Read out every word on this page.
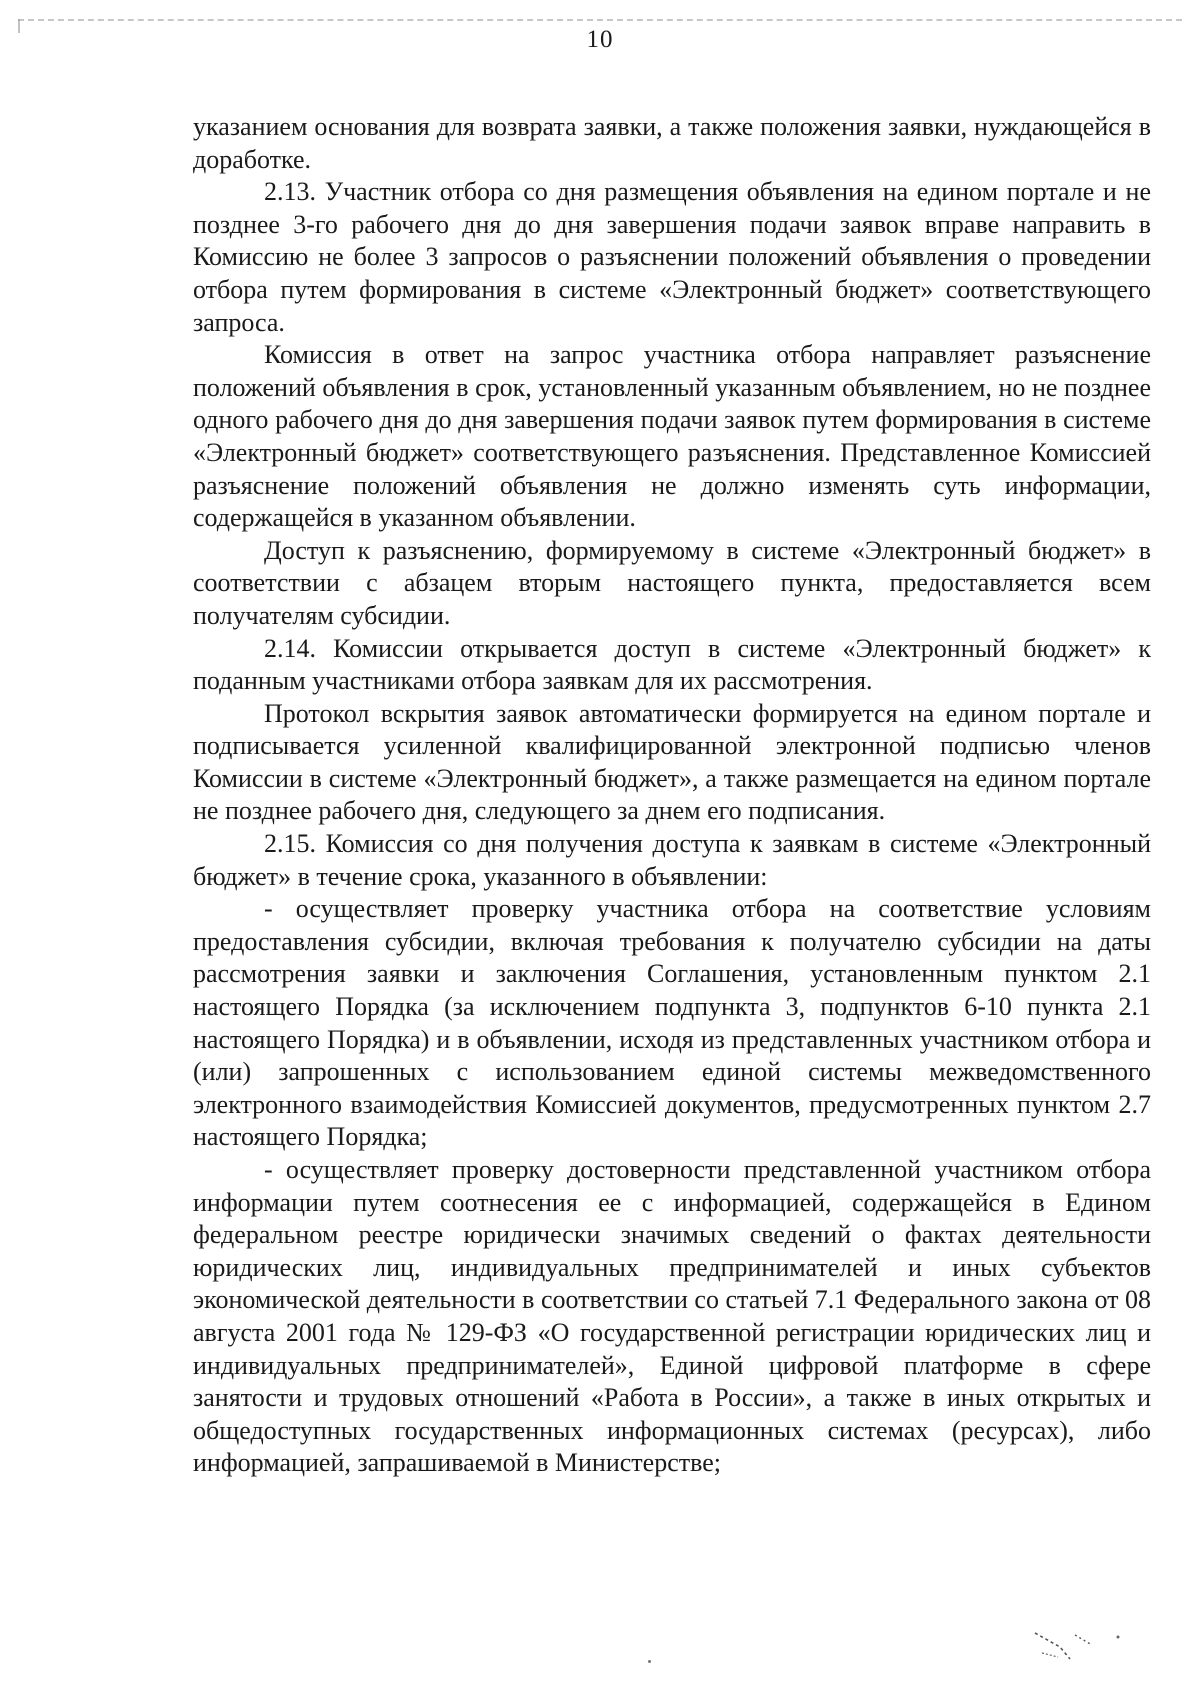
10

указанием основания для возврата заявки, а также положения заявки, нуждающейся в доработке.

2.13. Участник отбора со дня размещения объявления на едином портале и не позднее 3-го рабочего дня до дня завершения подачи заявок вправе направить в Комиссию не более 3 запросов о разъяснении положений объявления о проведении отбора путем формирования в системе «Электронный бюджет» соответствующего запроса.

Комиссия в ответ на запрос участника отбора направляет разъяснение положений объявления в срок, установленный указанным объявлением, но не позднее одного рабочего дня до дня завершения подачи заявок путем формирования в системе «Электронный бюджет» соответствующего разъяснения. Представленное Комиссией разъяснение положений объявления не должно изменять суть информации, содержащейся в указанном объявлении.

Доступ к разъяснению, формируемому в системе «Электронный бюджет» в соответствии с абзацем вторым настоящего пункта, предоставляется всем получателям субсидии.

2.14. Комиссии открывается доступ в системе «Электронный бюджет» к поданным участниками отбора заявкам для их рассмотрения.

Протокол вскрытия заявок автоматически формируется на едином портале и подписывается усиленной квалифицированной электронной подписью членов Комиссии в системе «Электронный бюджет», а также размещается на едином портале не позднее рабочего дня, следующего за днем его подписания.

2.15. Комиссия со дня получения доступа к заявкам в системе «Электронный бюджет» в течение срока, указанного в объявлении:

- осуществляет проверку участника отбора на соответствие условиям предоставления субсидии, включая требования к получателю субсидии на даты рассмотрения заявки и заключения Соглашения, установленным пунктом 2.1 настоящего Порядка (за исключением подпункта 3, подпунктов 6-10 пункта 2.1 настоящего Порядка) и в объявлении, исходя из представленных участником отбора и (или) запрошенных с использованием единой системы межведомственного электронного взаимодействия Комиссией документов, предусмотренных пунктом 2.7 настоящего Порядка;

- осуществляет проверку достоверности представленной участником отбора информации путем соотнесения ее с информацией, содержащейся в Едином федеральном реестре юридически значимых сведений о фактах деятельности юридических лиц, индивидуальных предпринимателей и иных субъектов экономической деятельности в соответствии со статьей 7.1 Федерального закона от 08 августа 2001 года № 129-ФЗ «О государственной регистрации юридических лиц и индивидуальных предпринимателей», Единой цифровой платформе в сфере занятости и трудовых отношений «Работа в России», а также в иных открытых и общедоступных государственных информационных системах (ресурсах), либо информацией, запрашиваемой в Министерстве;
